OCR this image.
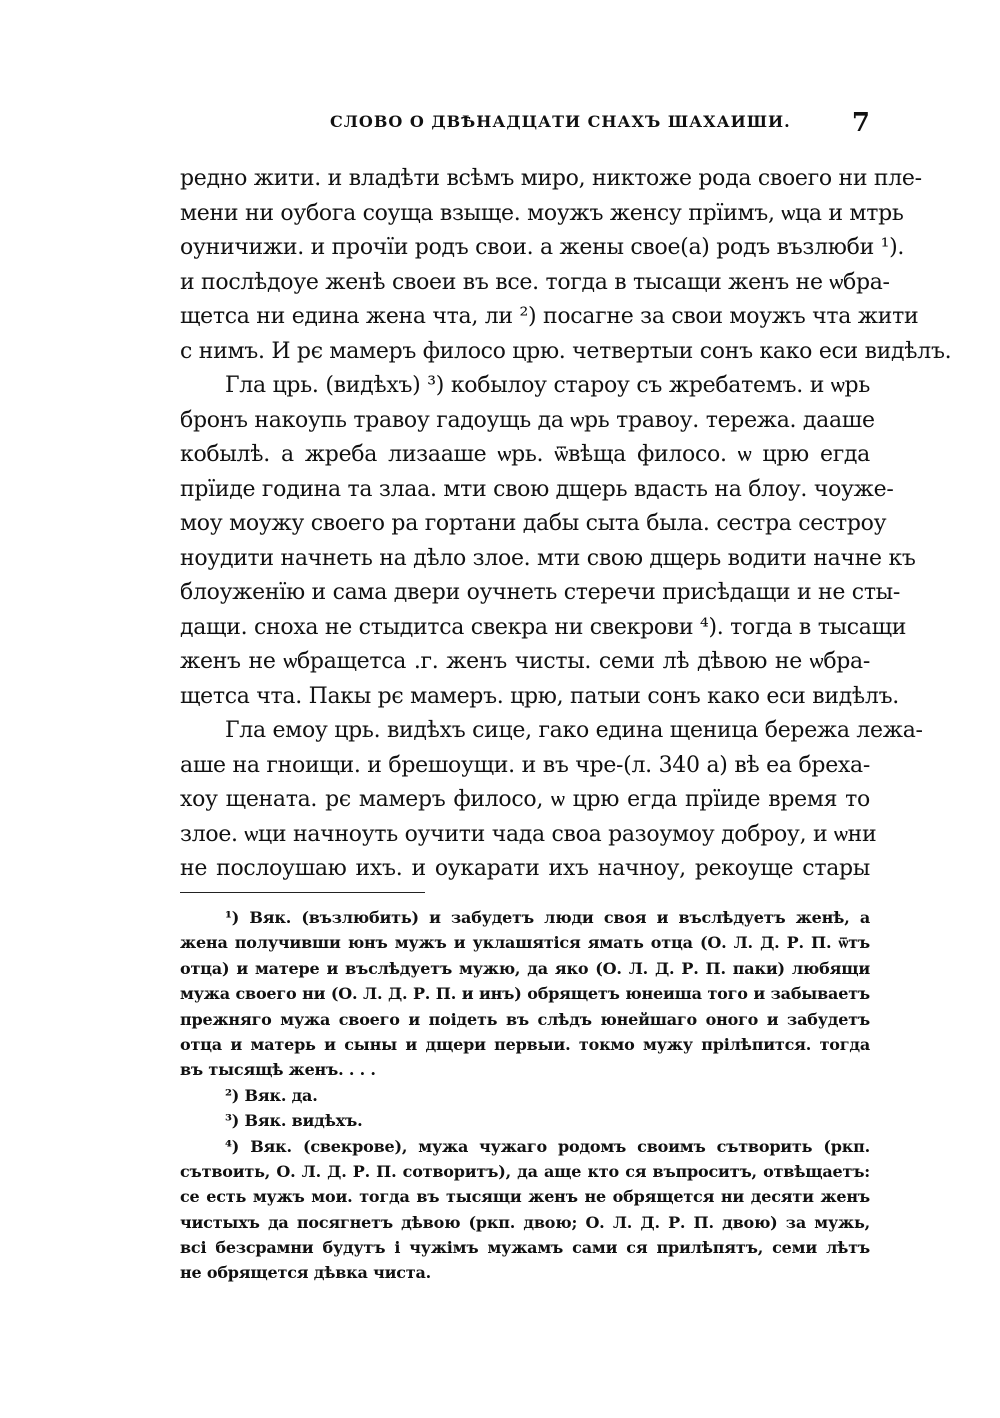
СЛОВО О ДВѢНАДЦАТИ СНАХЪ ШАХАИШИ. 7
редно жити. и владѣти всѣмъ миро, никтоже рода своего ни пле-
мени ни оубога соуща взыще. моужъ женсу прїимъ, ѡца и мтрь
оуничижи. и прочїи родъ свои. а жены свое(а) родъ възлюби ¹).
и послѣдоуе женѣ своеи въ все. тогда в тысащи женъ не ѡбра-
щетса ни единa жена чта, ли ²) посагне за свои моужъ чта жити
с нимъ. И рє мамеръ филосо црю. четвертыи сонъ како еси видѣлъ.
Гла црь. (видѣхъ) ³) кобылоу староу съ жребатемъ. и ѡрь
бронъ накоупь травоу гадоущь да ѡрь травоу. тережа. дааше
кобылѣ. а жреба лизааше ѡрь. ѿвѣща филосо. ѡ црю егда
прїиде година та злаа. мти свою дщерь вдасть на блоу. чоуже-
моу моужу своего ра гортани дабы сыта была. сестра сестроу
ноудити начнеть на дѣло злое. мти свою дщерь водити начне къ
блоуженїю и сама двери оучнеть стеречи присѣдащи и не сты-
дащи. сноха не стыдитса свекра ни свекрови ⁴). тогда в тысащи
женъ не ѡбращетса .г. женъ чисты. семи лѣ дѣвою не ѡбра-
щетса чта. Пакы рє мамеръ. црю, патыи сонъ како еси видѣлъ.
Гла емоу црь. видѣхъ сице, гако едина щеница бережа лежа-
аше на гноищи. и брешоущи. и въ чре-(л. 340 а) вѣ еа бреха-
хоу щената. рє мамеръ филосо, ѡ црю егда прїиде время то
злое. ѡци начноуть оучити чада своа разоумоу доброу, и ѡни
не послоушаю ихъ. и оукарати ихъ начноу, рекоуще стары
¹) Вяк. (възлюбить) и забудетъ люди своя и въслѣдуетъ женѣ, а
жена получивши юнъ мужъ и уклашятiся ямать отца (О. Л. Д. Р. П. ѿтъ
отца) и матере и въслѣдуетъ мужю, да яко (О. Л. Д. Р. П. паки) любящи
мужа своего ни (О. Л. Д. Р. П. и инъ) обрящетъ юнеиша того и забываетъ
прежняго мужа своего и поiдеть въ слѣдъ юнейшаго оного и забудетъ
отца и матерь и сыны и дщери первыи. токмо мужу прiлѣпится. тогда
въ тысящѣ женъ. . . .
²) Вяк. да.
³) Вяк. видѣхъ.
⁴) Вяк. (свекрове), мужа чужаго родомъ своимъ сътворить (ркп.
сътвоить, О. Л. Д. Р. П. сотворитъ), да аще кто ся въпроситъ, отвѣщаетъ:
се есть мужъ мои. тогда въ тысящи женъ не обрящется ни десяти женъ
чистыхъ да посягнетъ дѣвою (ркп. двою; О. Л. Д. Р. П. двою) за мужь,
всi безсрамни будутъ i чужiмъ мужамъ сами ся прилѣпятъ, семи лѣтъ
не обрящется дѣвка чиста.
